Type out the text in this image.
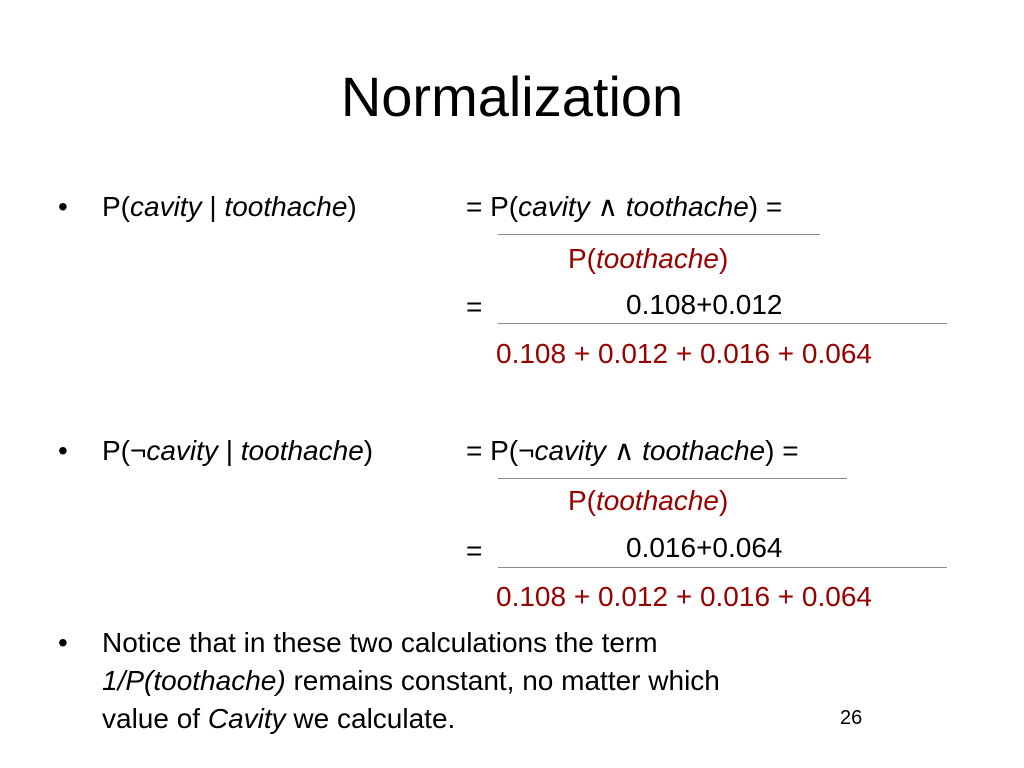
Normalization
• P(cavity | toothache)	= P(cavity ∧ toothache) =
P(toothache)
=	0.108+0.012
0.108 + 0.012 + 0.016 + 0.064
• P(¬cavity | toothache)	= P(¬cavity ∧ toothache) =
P(toothache)
=	0.016+0.064
0.108 + 0.012 + 0.016 + 0.064
• Notice that in these two calculations the term
1/P(toothache) remains constant, no matter which
value of Cavity we calculate.	26
